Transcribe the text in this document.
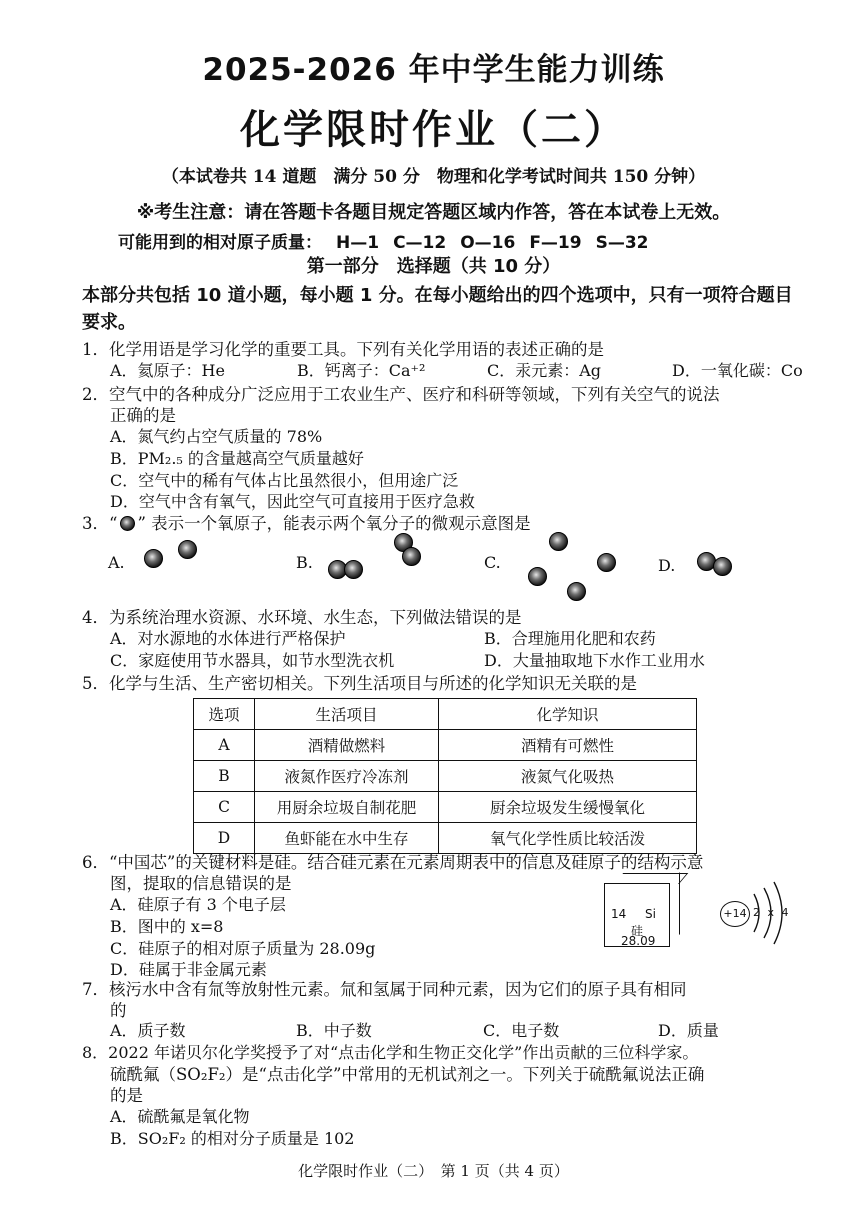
2025-2026 年中学生能力训练
化学限时作业（二）
（本试卷共 14 道题　满分 50 分　物理和化学考试时间共 150 分钟）
※考生注意：请在答题卡各题目规定答题区域内作答，答在本试卷上无效。
可能用到的相对原子质量： H—1 C—12 O—16 F—19 S—32
第一部分　选择题（共 10 分）
本部分共包括 10 道小题，每小题 1 分。在每小题给出的四个选项中，只有一项符合题目要求。
1．化学用语是学习化学的重要工具。下列有关化学用语的表述正确的是
A．氦原子：He	B．钙离子：Ca⁺²	C．汞元素：Ag	D．一氧化碳：Co
2．空气中的各种成分广泛应用于工农业生产、医疗和科研等领域，下列有关空气的说法
正确的是
A．氮气约占空气质量的 78%
B．PM₂.₅ 的含量越高空气质量越好
C．空气中的稀有气体占比虽然很小，但用途广泛
D．空气中含有氧气，因此空气可直接用于医疗急救
3．“ ” 表示一个氧原子，能表示两个氧分子的微观示意图是
A.	B.	C.	D.
4．为系统治理水资源、水环境、水生态，下列做法错误的是
A．对水源地的水体进行严格保护	B．合理施用化肥和农药
C．家庭使用节水器具，如节水型洗衣机	D．大量抽取地下水作工业用水
5．化学与生活、生产密切相关。下列生活项目与所述的化学知识无关联的是
选项	生活项目	化学知识
A	酒精做燃料	酒精有可燃性
B	液氮作医疗冷冻剂	液氮气化吸热
C	用厨余垃圾自制花肥	厨余垃圾发生缓慢氧化
D	鱼虾能在水中生存	氧气化学性质比较活泼
6．“中国芯”的关键材料是硅。结合硅元素在元素周期表中的信息及硅原子的结构示意
图，提取的信息错误的是
A．硅原子有 3 个电子层
B．图中的 x=8
C．硅原子的相对原子质量为 28.09g
D．硅属于非金属元素
14 Si
硅
28.09
+14 2 x 4
7．核污水中含有氚等放射性元素。氚和氢属于同种元素，因为它们的原子具有相同
的
A．质子数	B．中子数	C．电子数	D．质量
8．2022 年诺贝尔化学奖授予了对“点击化学和生物正交化学”作出贡献的三位科学家。
硫酰氟（SO₂F₂）是“点击化学”中常用的无机试剂之一。下列关于硫酰氟说法正确
的是
A．硫酰氟是氧化物
B．SO₂F₂ 的相对分子质量是 102
化学限时作业（二）　第 1 页（共 4 页）
